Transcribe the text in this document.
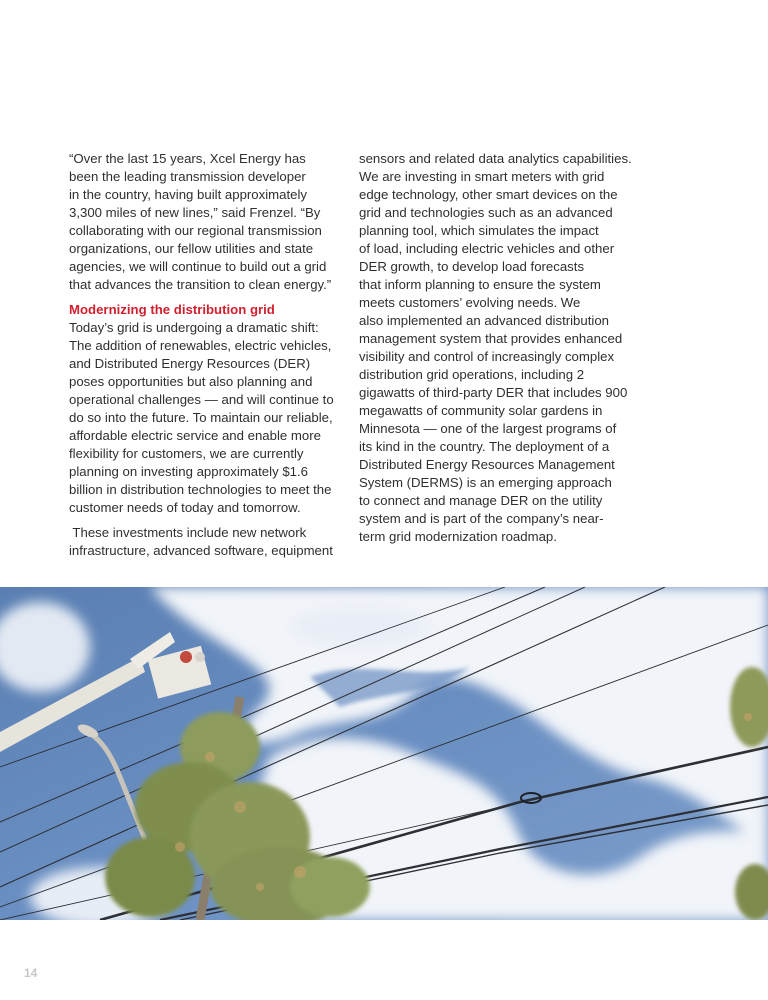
“Over the last 15 years, Xcel Energy has
been the leading transmission developer
in the country, having built approximately
3,300 miles of new lines,” said Frenzel. “By
collaborating with our regional transmission
organizations, our fellow utilities and state
agencies, we will continue to build out a grid
that advances the transition to clean energy.”
Modernizing the distribution grid
Today’s grid is undergoing a dramatic shift:
The addition of renewables, electric vehicles,
and Distributed Energy Resources (DER)
poses opportunities but also planning and
operational challenges — and will continue to
do so into the future. To maintain our reliable,
affordable electric service and enable more
flexibility for customers, we are currently
planning on investing approximately $1.6
billion in distribution technologies to meet the
customer needs of today and tomorrow.
These investments include new network
infrastructure, advanced software, equipment
sensors and related data analytics capabilities.
We are investing in smart meters with grid
edge technology, other smart devices on the
grid and technologies such as an advanced
planning tool, which simulates the impact
of load, including electric vehicles and other
DER growth, to develop load forecasts
that inform planning to ensure the system
meets customers’ evolving needs. We
also implemented an advanced distribution
management system that provides enhanced
visibility and control of increasingly complex
distribution grid operations, including 2
gigawatts of third-party DER that includes 900
megawatts of community solar gardens in
Minnesota — one of the largest programs of
its kind in the country. The deployment of a
Distributed Energy Resources Management
System (DERMS) is an emerging approach
to connect and manage DER on the utility
system and is part of the company’s near-
term grid modernization roadmap.
14
